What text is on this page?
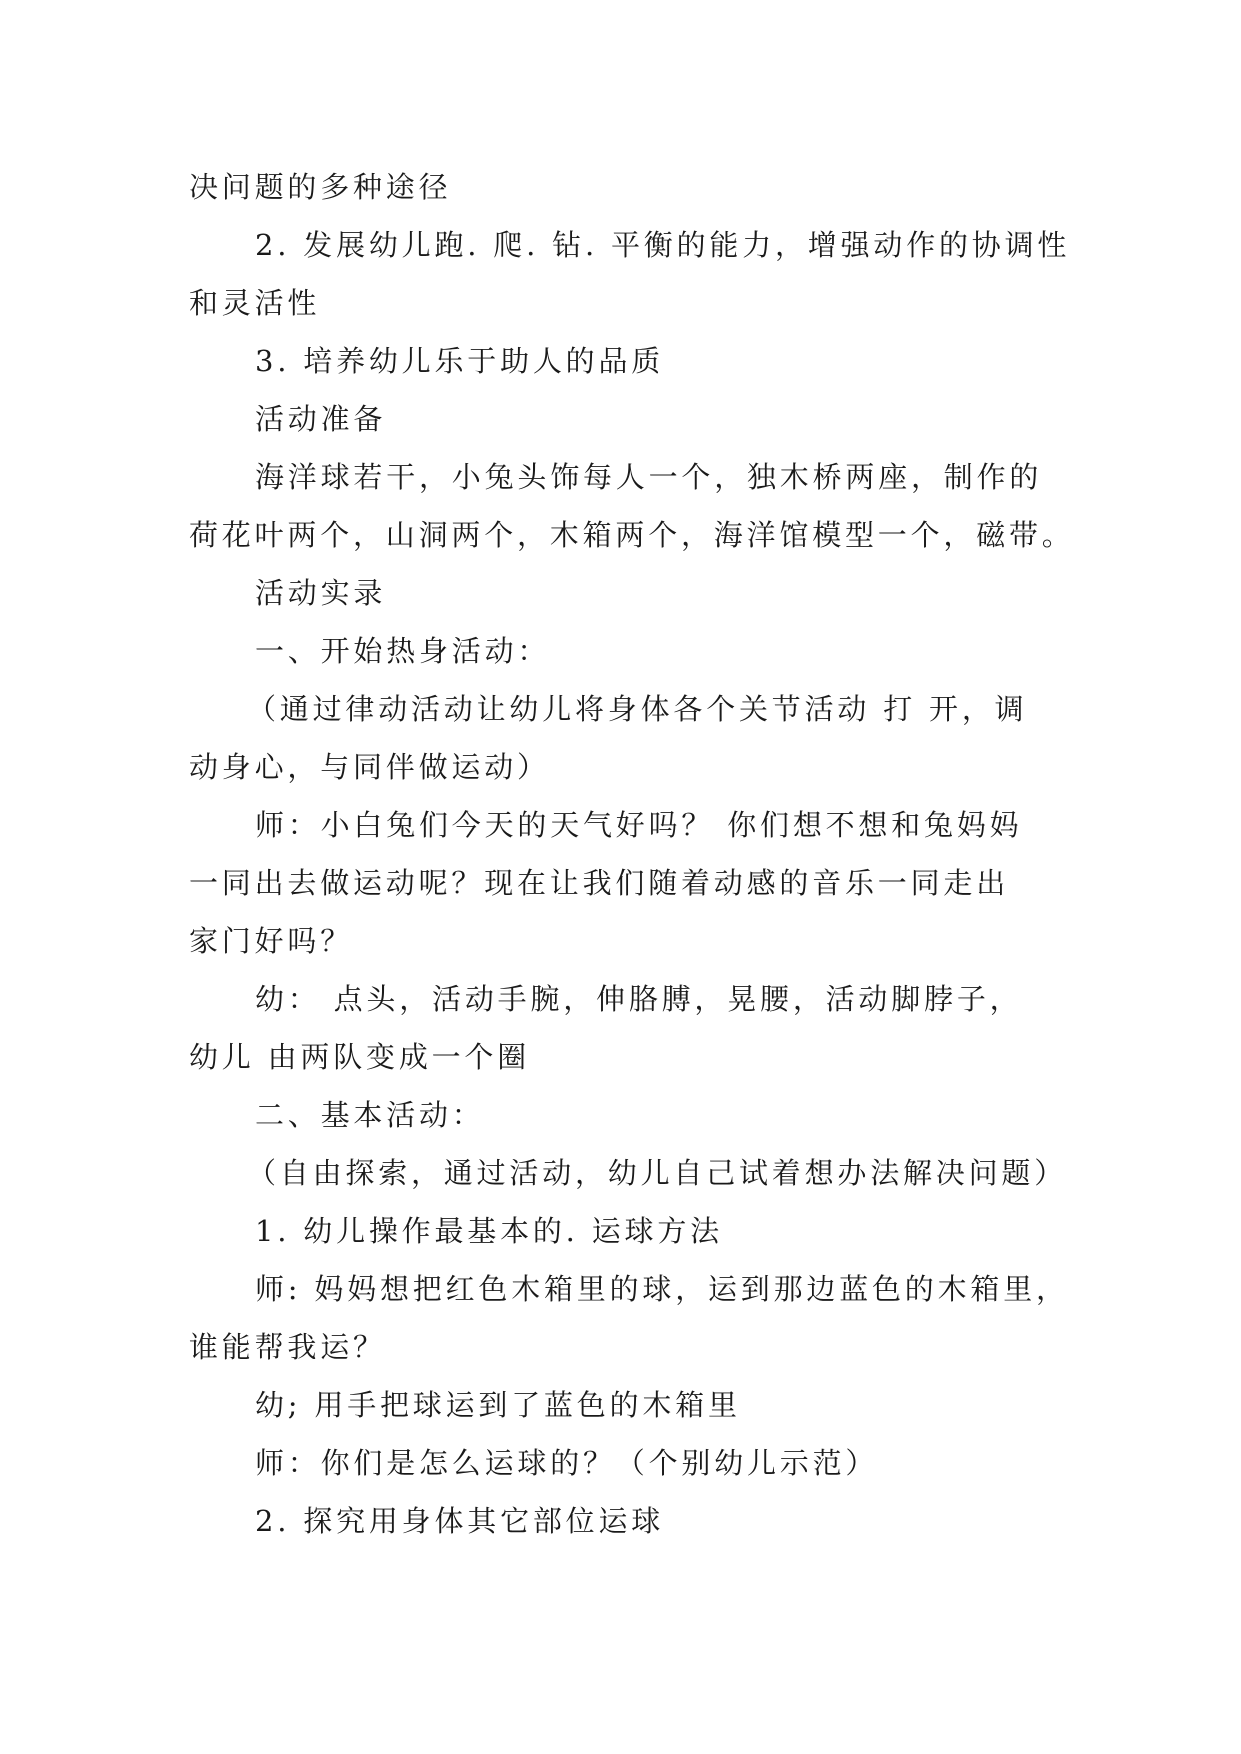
决问题的多种途径
2. 发展幼儿跑. 爬. 钻. 平衡的能力，增强动作的协调性
和灵活性
3. 培养幼儿乐于助人的品质
活动准备
海洋球若干，小兔头饰每人一个，独木桥两座，制作的
荷花叶两个，山洞两个，木箱两个，海洋馆模型一个，磁带。
活动实录
一、开始热身活动：
（通过律动活动让幼儿将身体各个关节活动 打 开，调
动身心，与同伴做运动）
师：小白兔们今天的天气好吗？ 你们想不想和兔妈妈
一同出去做运动呢？现在让我们随着动感的音乐一同走出
家门好吗？
幼： 点头，活动手腕，伸胳膊，晃腰，活动脚脖子，
幼儿 由两队变成一个圈
二、基本活动：
（自由探索，通过活动，幼儿自己试着想办法解决问题）
1. 幼儿操作最基本的. 运球方法
师: 妈妈想把红色木箱里的球，运到那边蓝色的木箱里，
谁能帮我运？
幼; 用手把球运到了蓝色的木箱里
师：你们是怎么运球的？（个别幼儿示范）
2. 探究用身体其它部位运球
